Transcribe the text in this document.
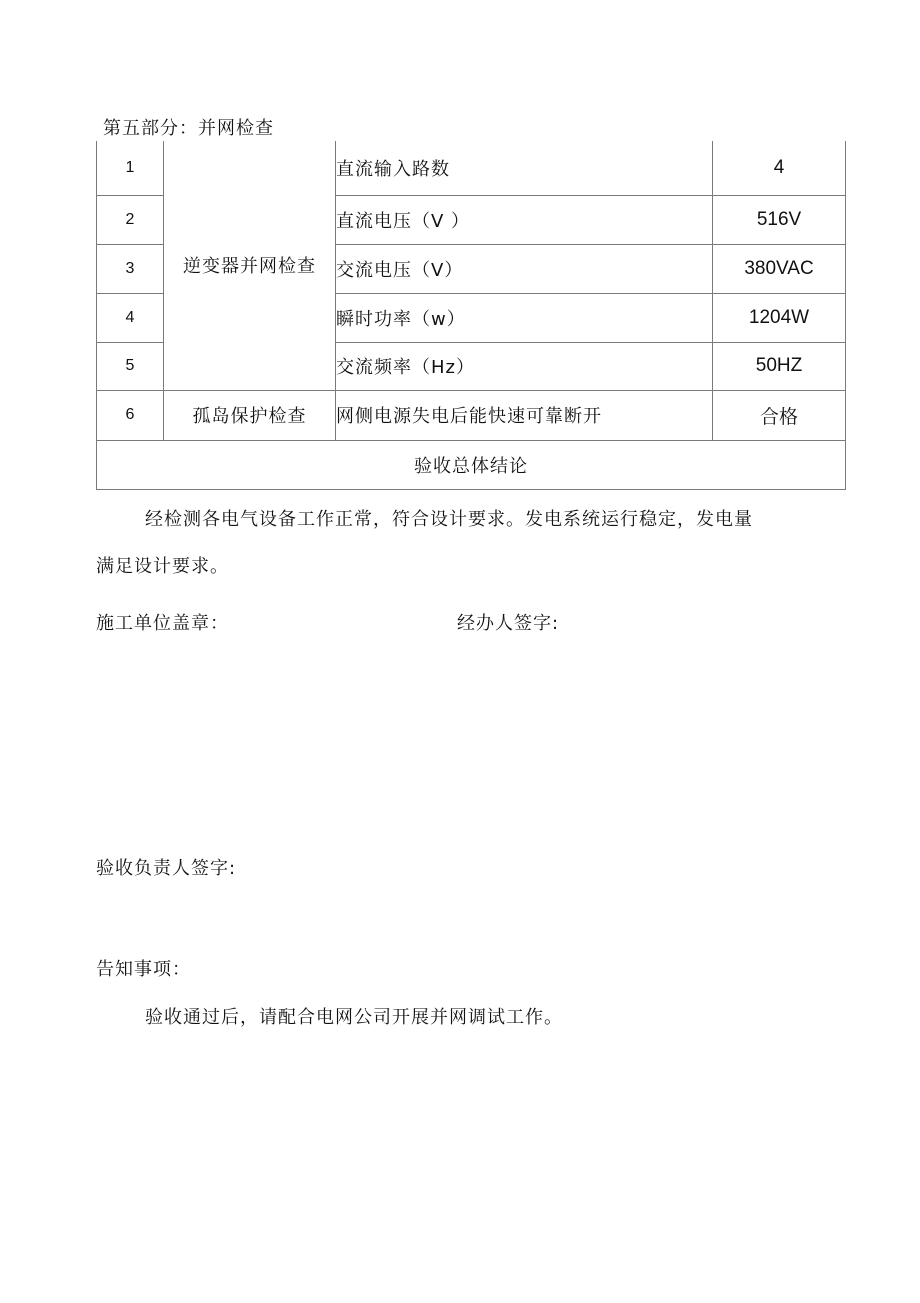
第五部分：并网检查
1	逆变器并网检查	直流输入路数	4
2		直流电压（V ）	516V
3		交流电压（V）	380VAC
4		瞬时功率（w）	1204W
5		交流频率（Hz）	50HZ
6	孤岛保护检查	网侧电源失电后能快速可靠断开	合格
验收总体结论			
经检测各电气设备工作正常，符合设计要求。发电系统运行稳定，发电量
满足设计要求。
施工单位盖章：	经办人签字:
验收负责人签字:
告知事项：
验收通过后，请配合电网公司开展并网调试工作。
